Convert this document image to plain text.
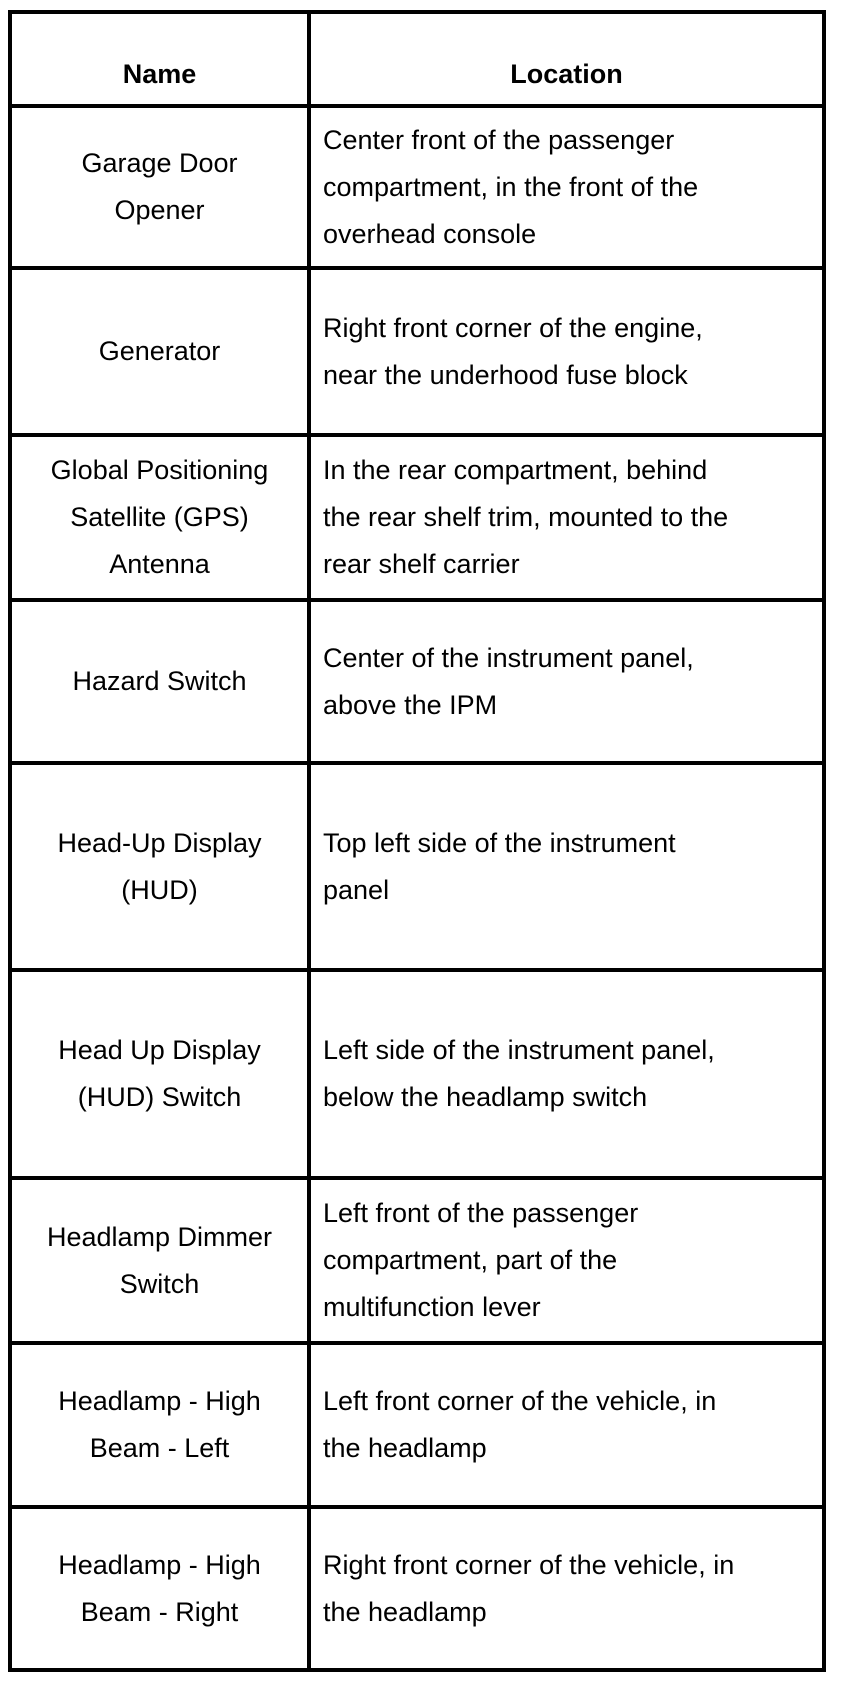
Name	Location
Garage Door Opener
Center front of the passenger compartment, in the front of the overhead console
Generator
Right front corner of the engine, near the underhood fuse block
Global Positioning Satellite (GPS) Antenna
In the rear compartment, behind the rear shelf trim, mounted to the rear shelf carrier
Hazard Switch
Center of the instrument panel, above the IPM
Head-Up Display (HUD)
Top left side of the instrument panel
Head Up Display (HUD) Switch
Left side of the instrument panel, below the headlamp switch
Headlamp Dimmer Switch
Left front of the passenger compartment, part of the multifunction lever
Headlamp - High Beam - Left
Left front corner of the vehicle, in the headlamp
Headlamp - High Beam - Right
Right front corner of the vehicle, in the headlamp
